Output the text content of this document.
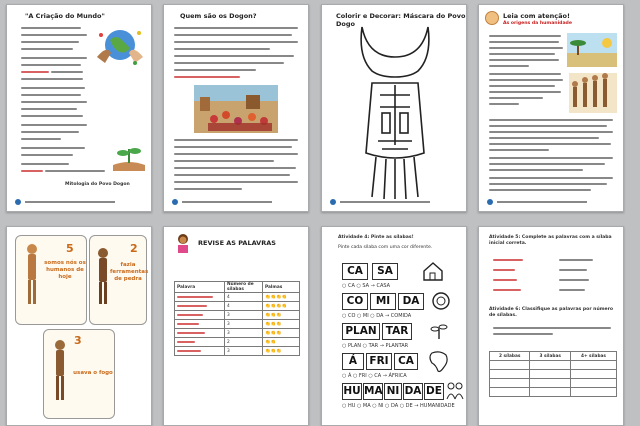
"A Criação do Mundo"
Mitologia do Povo Dogon
Quem são os Dogon?	Colorir e Decorar: Máscara do Povo Dogo
Leia com atenção!
As origens da humanidade
5
somos nós os humanos de hoje
2
fazia ferramentas de pedra
3
usava o fogo
REVISE AS PALAVRAS
Palavra	Número de sílabas	Palmas

	4	👏👏👏👏

	4	👏👏👏👏

	3	👏👏👏

	3	👏👏👏

	3	👏👏👏

	2	👏👏

	3	👏👏👏
Atividade 4: Pinte as sílabas!
Pinte cada sílaba com uma cor diferente.
CA	SA
○ CA ○ SA → CASA
CO	MI	DA
○ CO ○ MI ○ DA → COMIDA
PLAN TAR
○ PLAN ○ TAR → PLANTAR
Á	FRI CA
○ Á ○ FRI ○ CA → ÁFRICA
HU MA NI DA DE
○ HU ○ MA ○ NI ○ DA ○ DE → HUMANIDADE
Atividade 5: Complete as palavras com a sílaba inicial correta.
Atividade 6: Classifique as palavras por número de sílabas.
2 sílabas	3 sílabas	4+ sílabas
